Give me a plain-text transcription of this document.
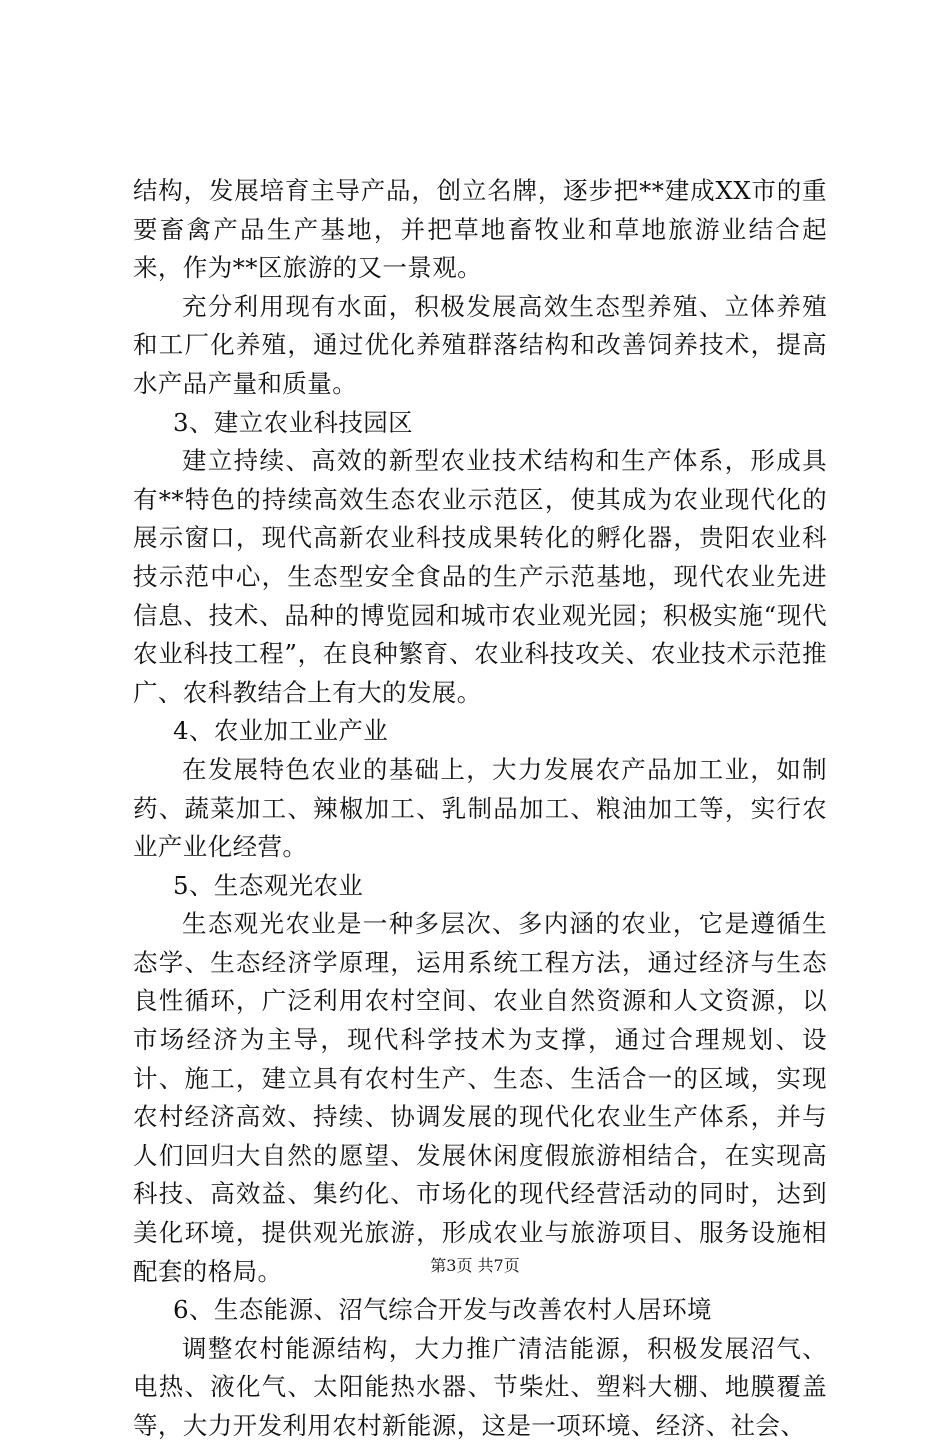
结构，发展培育主导产品，创立名牌，逐步把**建成XX市的重要畜禽产品生产基地，并把草地畜牧业和草地旅游业结合起来，作为**区旅游的又一景观。

充分利用现有水面，积极发展高效生态型养殖、立体养殖和工厂化养殖，通过优化养殖群落结构和改善饲养技术，提高水产品产量和质量。

3、建立农业科技园区

建立持续、高效的新型农业技术结构和生产体系，形成具有**特色的持续高效生态农业示范区，使其成为农业现代化的展示窗口，现代高新农业科技成果转化的孵化器，贵阳农业科技示范中心，生态型安全食品的生产示范基地，现代农业先进信息、技术、品种的博览园和城市农业观光园；积极实施“现代农业科技工程”，在良种繁育、农业科技攻关、农业技术示范推广、农科教结合上有大的发展。

4、农业加工业产业

在发展特色农业的基础上，大力发展农产品加工业，如制药、蔬菜加工、辣椒加工、乳制品加工、粮油加工等，实行农业产业化经营。

5、生态观光农业

生态观光农业是一种多层次、多内涵的农业，它是遵循生态学、生态经济学原理，运用系统工程方法，通过经济与生态良性循环，广泛利用农村空间、农业自然资源和人文资源，以市场经济为主导，现代科学技术为支撑，通过合理规划、设计、施工，建立具有农村生产、生态、生活合一的区域，实现农村经济高效、持续、协调发展的现代化农业生产体系，并与人们回归大自然的愿望、发展休闲度假旅游相结合，在实现高科技、高效益、集约化、市场化的现代经营活动的同时，达到美化环境，提供观光旅游，形成农业与旅游项目、服务设施相配套的格局。

6、生态能源、沼气综合开发与改善农村人居环境

调整农村能源结构，大力推广清洁能源，积极发展沼气、电热、液化气、太阳能热水器、节柴灶、塑料大棚、地膜覆盖等，大力开发利用农村新能源，这是一项环境、经济、社会、

第3页 共7页
